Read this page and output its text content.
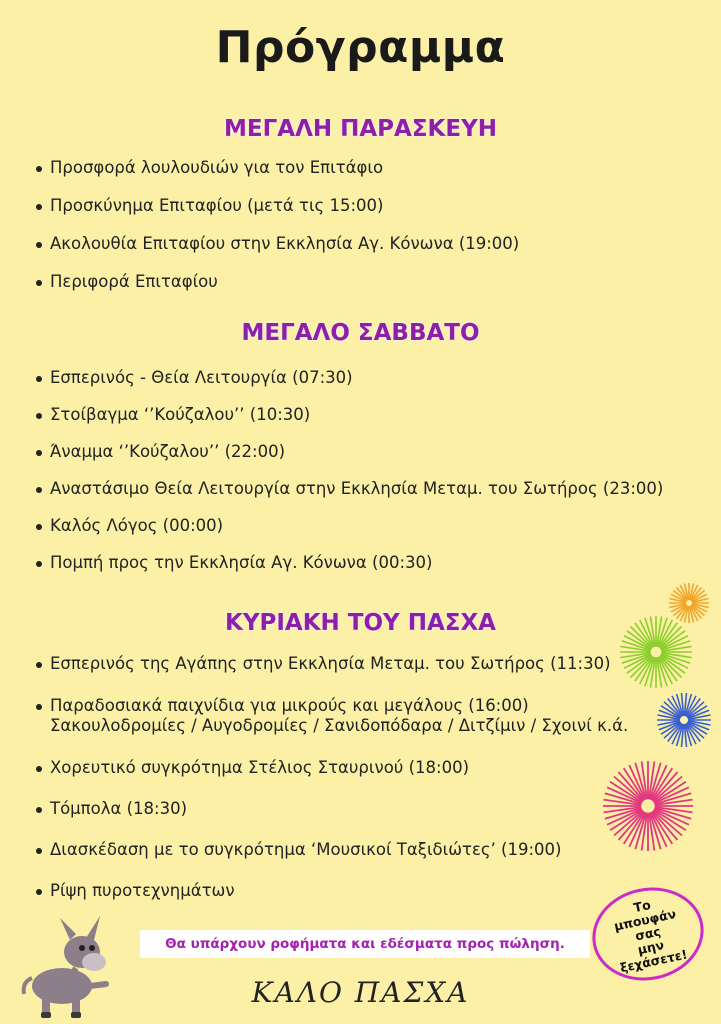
Πρόγραμμα
ΜΕΓΑΛΗ ΠΑΡΑΣΚΕΥΗ
Προσφορά λουλουδιών για τον Επιτάφιο
Προσκύνημα Επιταφίου (μετά τις 15:00)
Ακολουθία Επιταφίου στην Εκκλησία Αγ. Κόνωνα (19:00)
Περιφορά Επιταφίου
ΜΕΓΑΛΟ ΣΑΒΒΑΤΟ
Εσπερινός - Θεία Λειτουργία (07:30)
Στοίβαγμα ‘’Κούζαλου’’ (10:30)
Άναμμα ‘’Κούζαλου’’ (22:00)
Αναστάσιμο Θεία Λειτουργία στην Εκκλησία Μεταμ. του Σωτήρος (23:00)
Καλός Λόγος (00:00)
Πομπή προς την Εκκλησία Αγ. Κόνωνα (00:30)
ΚΥΡΙΑΚΗ ΤΟΥ ΠΑΣΧΑ
Εσπερινός της Αγάπης στην Εκκλησία Μεταμ. του Σωτήρος (11:30)
Παραδοσιακά παιχνίδια για μικρούς και μεγάλους (16:00)
Σακουλοδρομίες / Αυγοδρομίες / Σανιδοπόδαρα / Διτζίμιν / Σχοινί κ.ά.
Χορευτικό συγκρότημα Στέλιος Σταυρινού (18:00)
Τόμπολα (18:30)
Διασκέδαση με το συγκρότημα ‘Μουσικοί Ταξιδιώτες’ (19:00)
Ρίψη πυροτεχνημάτων
Θα υπάρχουν ροφήματα και εδέσματα προς πώληση.
Το
μπουφάν σας
μην ξεχάσετε!
ΚΑΛΟ ΠΑΣΧΑ
